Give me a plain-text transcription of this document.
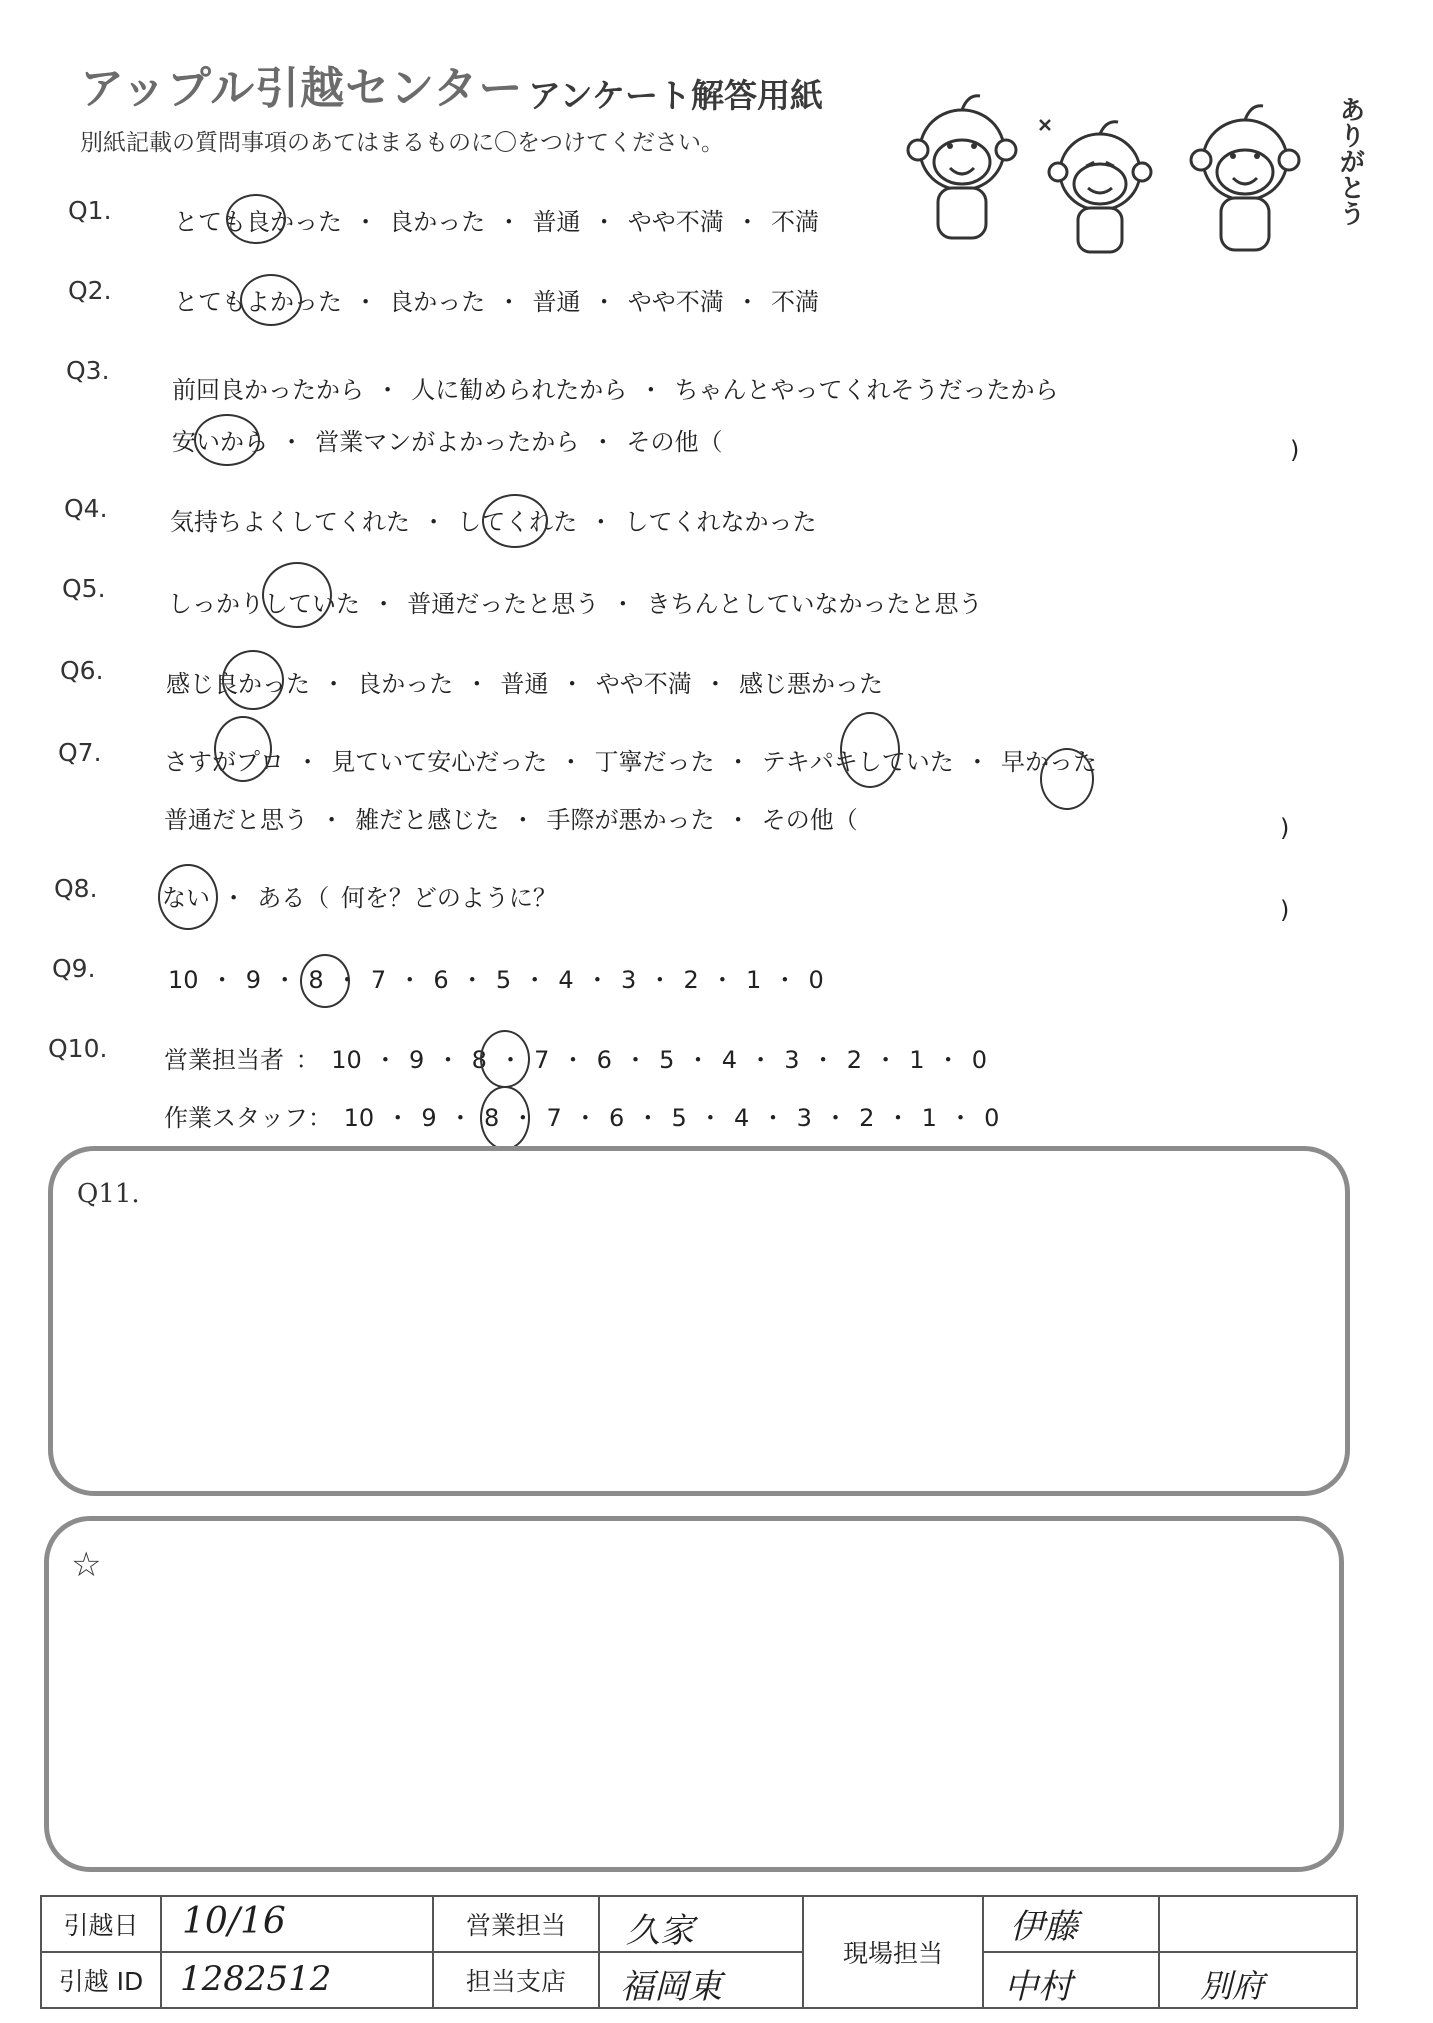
アップル引越センター アンケート解答用紙
別紙記載の質問事項のあてはまるものに〇をつけてください。	ありがとう
Q1.	とても良かった ・ 良かった ・ 普通 ・ やや不満 ・ 不満
Q2.	とてもよかった ・ 良かった ・ 普通 ・ やや不満 ・ 不満
Q3.
前回良かったから ・ 人に勧められたから ・ ちゃんとやってくれそうだったから
安いから ・ 営業マンがよかったから ・ その他（	)
Q4.	気持ちよくしてくれた ・ してくれた ・ してくれなかった
Q5.
しっかりしていた ・ 普通だったと思う ・ きちんとしていなかったと思う
Q6.	感じ良かった ・ 良かった ・ 普通 ・ やや不満 ・ 感じ悪かった
Q7.	さすがプロ ・ 見ていて安心だった ・ 丁寧だった ・ テキパキしていた ・ 早かった
普通だと思う ・ 雑だと感じた ・ 手際が悪かった ・ その他（	)
Q8.	ない ・ ある（ 何を？どのように？	)
Q9.	10 ・ 9 ・ 8 ・ 7 ・ 6 ・ 5 ・ 4 ・ 3 ・ 2 ・ 1 ・ 0
Q10. 営業担当者 ： 10 ・ 9 ・ 8 ・ 7 ・ 6 ・ 5 ・ 4 ・ 3 ・ 2 ・ 1 ・ 0
作業スタッフ： 10 ・ 9 ・ 8 ・ 7 ・ 6 ・ 5 ・ 4 ・ 3 ・ 2 ・ 1 ・ 0
Q11.
☆
引越日	10/16	営業担当	久家	現場担当	伊藤	

引越 ID	1282512	担当支店	福岡東		中村	別府
